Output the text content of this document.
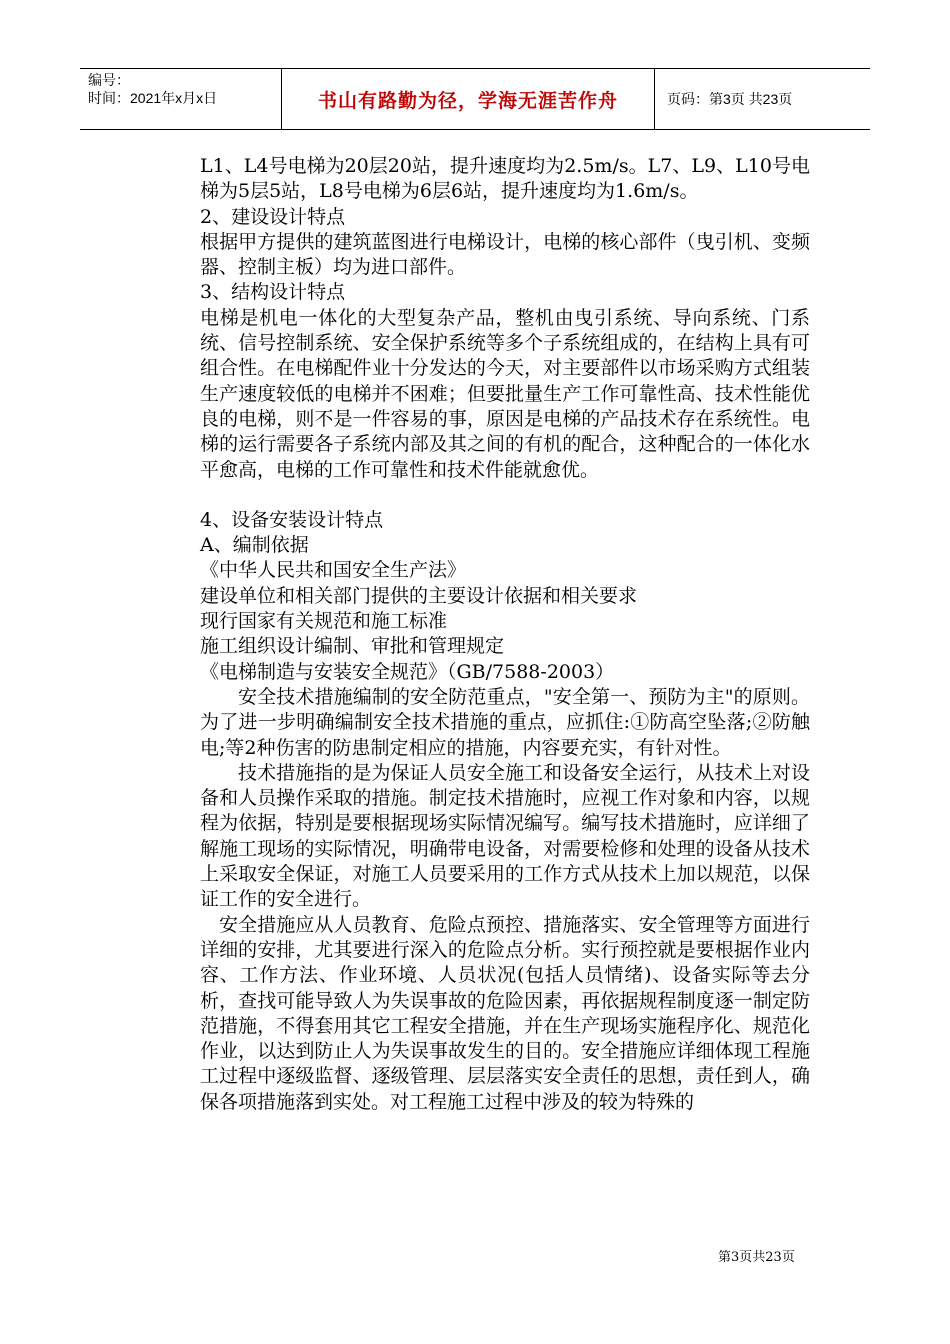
编号：
时间：2021年x月x日	书山有路勤为径，学海无涯苦作舟	页码：第3页 共23页

L1、L4号电梯为20层20站，提升速度均为2.5m/s。L7、L9、L10号电梯为5层5站，L8号电梯为6层6站，提升速度均为1.6m/s。

2、建设设计特点

根据甲方提供的建筑蓝图进行电梯设计，电梯的核心部件（曳引机、变频器、控制主板）均为进口部件。

3、结构设计特点

电梯是机电一体化的大型复杂产品，整机由曳引系统、导向系统、门系统、信号控制系统、安全保护系统等多个子系统组成的，在结构上具有可组合性。在电梯配件业十分发达的今天，对主要部件以市场采购方式组装生产速度较低的电梯并不困难；但要批量生产工作可靠性高、技术性能优良的电梯，则不是一件容易的事，原因是电梯的产品技术存在系统性。电梯的运行需要各子系统内部及其之间的有机的配合，这种配合的一体化水平愈高，电梯的工作可靠性和技术件能就愈优。

4、设备安装设计特点

A、编制依据

《中华人民共和国安全生产法》

建设单位和相关部门提供的主要设计依据和相关要求

现行国家有关规范和施工标准

施工组织设计编制、审批和管理规定

《电梯制造与安装安全规范》（GB/7588-2003）

安全技术措施编制的安全防范重点，"安全第一、预防为主"的原则。为了进一步明确编制安全技术措施的重点，应抓住:①防高空坠落;②防触电;等2种伤害的防患制定相应的措施，内容要充实，有针对性。

技术措施指的是为保证人员安全施工和设备安全运行，从技术上对设备和人员操作采取的措施。制定技术措施时，应视工作对象和内容，以规程为依据，特别是要根据现场实际情况编写。编写技术措施时，应详细了解施工现场的实际情况，明确带电设备，对需要检修和处理的设备从技术上采取安全保证，对施工人员要采用的工作方式从技术上加以规范，以保证工作的安全进行。

安全措施应从人员教育、危险点预控、措施落实、安全管理等方面进行详细的安排，尤其要进行深入的危险点分析。实行预控就是要根据作业内容、工作方法、作业环境、人员状况(包括人员情绪)、设备实际等去分析，查找可能导致人为失误事故的危险因素，再依据规程制度逐一制定防范措施，不得套用其它工程安全措施，并在生产现场实施程序化、规范化作业，以达到防止人为失误事故发生的目的。安全措施应详细体现工程施工过程中逐级监督、逐级管理、层层落实安全责任的思想，责任到人，确保各项措施落到实处。对工程施工过程中涉及的较为特殊的

第3页共23页
